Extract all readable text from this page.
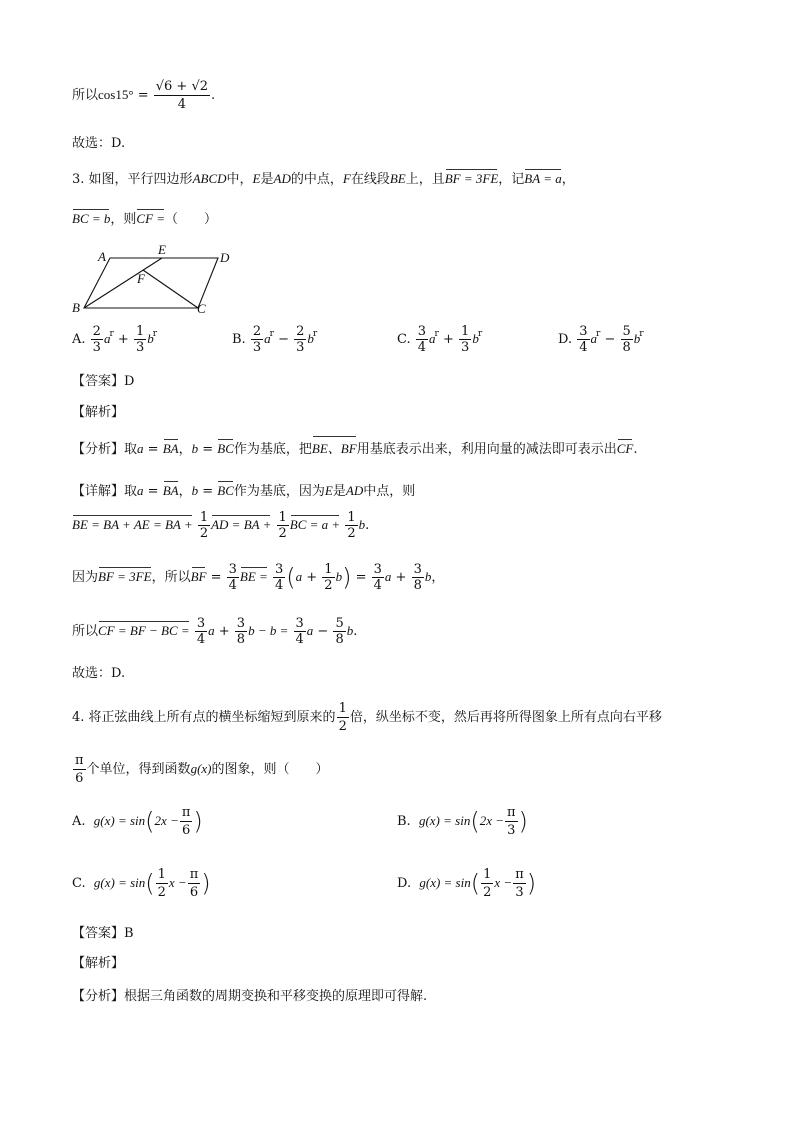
所以$\cos 15^\circ = \frac{√6 + √2}{4}$ .
故选：D.
3. 如图，平行四边形ABCD中，E是AD的中点，F在线段BE上，且BF = 3FE，记BA = a，
BC = b，则CF =（　　）
A	E
D
F
B	C
A. $\frac{2}{3} a^r + \frac{1}{3} b^r$	B. $\frac{2}{3} a^r - \frac{2}{3} b^r$	C. $\frac{3}{4} a^r + \frac{1}{3} b^r$	D. $\frac{3}{4} a^r - \frac{5}{8} b^r$
【答案】D
【解析】
【分析】取a = BA，b = BC作为基底，把BE、BF用基底表示出来，利用向量的减法即可表示出CF.
【详解】取a = BA，b = BC作为基底，因为E是AD中点，则
BE = BA + AE = BA + $\frac{1}{2}$ AD = BA + $\frac{1}{2}$ BC = $a + \frac{1}{2} b$.
因为BF = 3FE，所以BF = $\frac{3}{4}$ BE = $\frac{3}{4} (a + \frac{1}{2} b) = \frac{3}{4}$ $a + \frac{3}{8}$ b，
所以CF = BF − BC = $\frac{3}{4}$ $a + \frac{3}{8}$ $b - b = \frac{3}{4}$ $a - \frac{5}{8} b$.
故选：D.
4. 将正弦曲线上所有点的横坐标缩短到原来的 $\frac{1}{2}$ 倍，纵坐标不变，然后再将所得图象上所有点向右平移
$\frac{\pi}{6}$ 个单位，得到函数g(x)的图象，则（　　）
A. $g(x) = \sin(2x - \frac{\pi}{6}$ )	B. $g(x) = \sin(2x - \frac{\pi}{3}$ )
C. $g(x) = \sin( \frac{1}{2}$ $x - \frac{\pi}{6}$ )	D. $g(x) = \sin( \frac{1}{2}$ $x - \frac{\pi}{3}$ )
【答案】B
【解析】
【分析】根据三角函数的周期变换和平移变换的原理即可得解.
